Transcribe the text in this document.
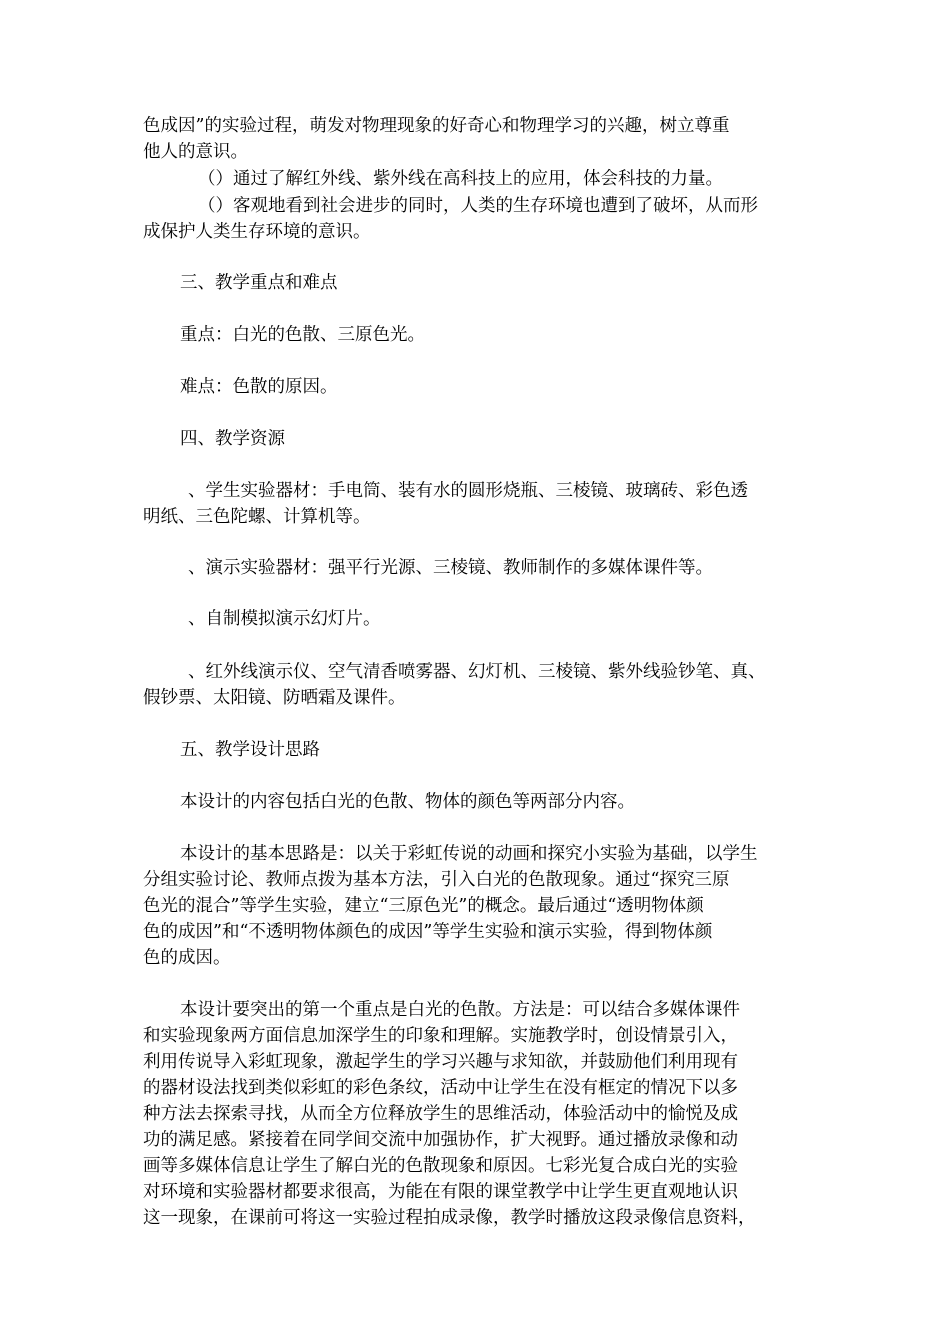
色成因”的实验过程，萌发对物理现象的好奇心和物理学习的兴趣，树立尊重
他人的意识。
（）通过了解红外线、紫外线在高科技上的应用，体会科技的力量。
（）客观地看到社会进步的同时，人类的生存环境也遭到了破坏，从而形
成保护人类生存环境的意识。
三、教学重点和难点
重点：白光的色散、三原色光。
难点：色散的原因。
四、教学资源
、学生实验器材：手电筒、装有水的圆形烧瓶、三棱镜、玻璃砖、彩色透
明纸、三色陀螺、计算机等。
、演示实验器材：强平行光源、三棱镜、教师制作的多媒体课件等。
、自制模拟演示幻灯片。
、红外线演示仪、空气清香喷雾器、幻灯机、三棱镜、紫外线验钞笔、真、
假钞票、太阳镜、防晒霜及课件。
五、教学设计思路
本设计的内容包括白光的色散、物体的颜色等两部分内容。
本设计的基本思路是：以关于彩虹传说的动画和探究小实验为基础，以学生
分组实验讨论、教师点拨为基本方法，引入白光的色散现象。通过“探究三原
色光的混合”等学生实验，建立“三原色光”的概念。最后通过“透明物体颜
色的成因”和“不透明物体颜色的成因”等学生实验和演示实验，得到物体颜
色的成因。
本设计要突出的第一个重点是白光的色散。方法是：可以结合多媒体课件
和实验现象两方面信息加深学生的印象和理解。实施教学时，创设情景引入，
利用传说导入彩虹现象，激起学生的学习兴趣与求知欲，并鼓励他们利用现有
的器材设法找到类似彩虹的彩色条纹，活动中让学生在没有框定的情况下以多
种方法去探索寻找，从而全方位释放学生的思维活动，体验活动中的愉悦及成
功的满足感。紧接着在同学间交流中加强协作，扩大视野。通过播放录像和动
画等多媒体信息让学生了解白光的色散现象和原因。七彩光复合成白光的实验
对环境和实验器材都要求很高，为能在有限的课堂教学中让学生更直观地认识
这一现象，在课前可将这一实验过程拍成录像，教学时播放这段录像信息资料，
